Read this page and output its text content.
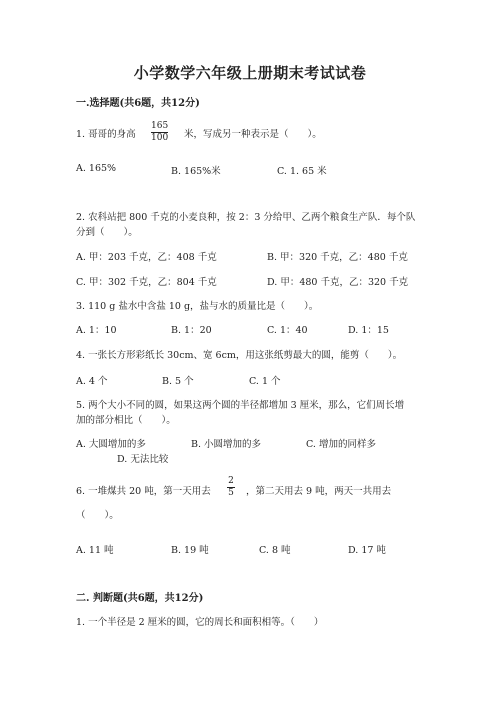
小学数学六年级上册期末考试试卷
一.选择题(共6题，共12分)
1. 哥哥的身高
165
100 米，写成另一种表示是（　　）。
A. 165%	B. 165%米	C. 1. 65 米
2. 农科站把 800 千克的小麦良种，按 2：3 分给甲、乙两个粮食生产队．每个队
分到（　　）。
A. 甲：203 千克，乙：408 千克	B. 甲：320 千克，乙：480 千克
C. 甲：302 千克，乙：804 千克	D. 甲：480 千克，乙：320 千克
3. 110 g 盐水中含盐 10 g，盐与水的质量比是（　　）。
A. 1：10	B. 1：20	C. 1：40	D. 1：15
4. 一张长方形彩纸长 30cm、宽 6cm，用这张纸剪最大的圆，能剪（　　）。
A. 4 个	B. 5 个	C. 1 个
5. 两个大小不同的圆，如果这两个圆的半径都增加 3 厘米，那么，它们周长增
加的部分相比（　　）。
A. 大圆增加的多	B. 小圆增加的多	C. 增加的同样多
D. 无法比较
6. 一堆煤共 20 吨，第一天用去
2
5 ，第二天用去 9 吨，两天一共用去
（　　）。
A. 11 吨	B. 19 吨	C. 8 吨	D. 17 吨
二. 判断题(共6题，共12分)
1. 一个半径是 2 厘米的圆，它的周长和面积相等。（　　）
